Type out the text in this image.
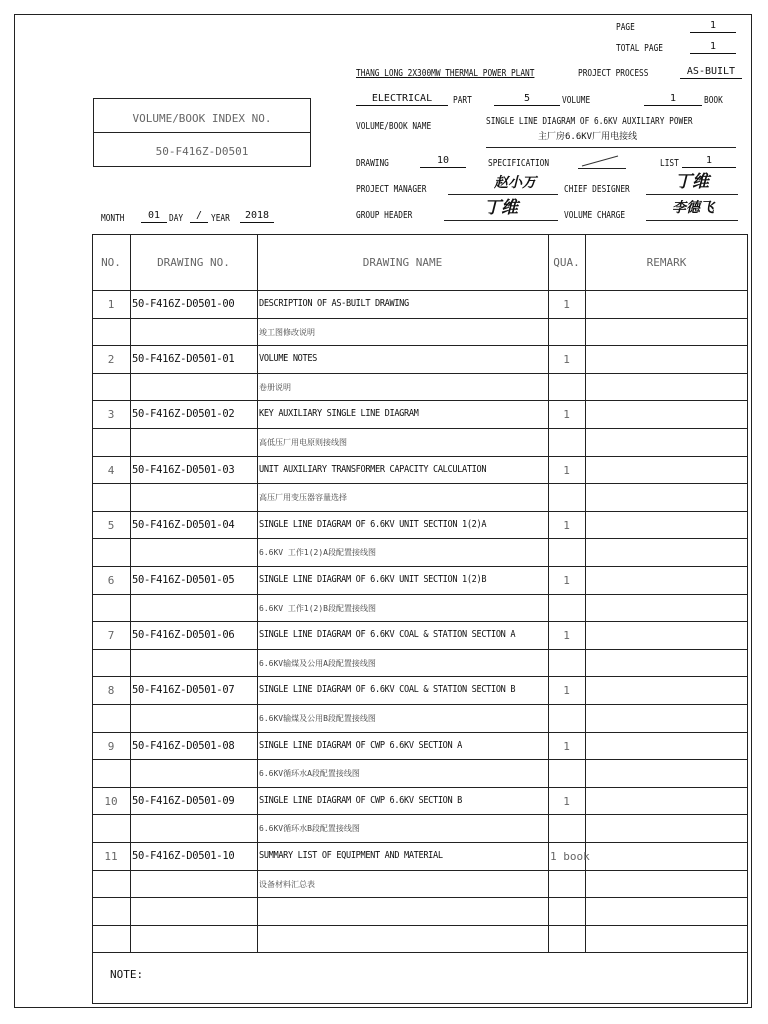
PAGE	1
TOTAL PAGE	1
THANG LONG 2X300MW THERMAL POWER PLANT	PROJECT PROCESS	AS-BUILT
ELECTRICAL	PART	5	VOLUME	1	BOOK
VOLUME/BOOK NAME	SINGLE LINE DIAGRAM OF 6.6KV AUXILIARY POWER
主厂房6.6KV厂用电接线
DRAWING	10	SPECIFICATION	LIST	1
PROJECT MANAGER	赵小万	CHIEF DESIGNER	丁维
GROUP HEADER	丁维	VOLUME CHARGE	李德飞
VOLUME/BOOK INDEX NO.
50-F416Z-D0501
MONTH	01 DAY	/ YEAR	2018
NO.	DRAWING NO.	DRAWING NAME	QUA.	REMARK
1	50-F416Z-D0501-00	DESCRIPTION OF AS-BUILT DRAWING	1
竣工图修改说明
2	50-F416Z-D0501-01	VOLUME NOTES	1
卷册说明
3	50-F416Z-D0501-02	KEY AUXILIARY SINGLE LINE DIAGRAM	1
高低压厂用电原则接线图
4	50-F416Z-D0501-03	UNIT AUXILIARY TRANSFORMER CAPACITY CALCULATION	1
高压厂用变压器容量选择
5	50-F416Z-D0501-04	SINGLE LINE DIAGRAM OF 6.6KV UNIT SECTION 1(2)A	1
6.6KV 工作1(2)A段配置接线图
6	50-F416Z-D0501-05	SINGLE LINE DIAGRAM OF 6.6KV UNIT SECTION 1(2)B	1
6.6KV 工作1(2)B段配置接线图
7	50-F416Z-D0501-06	SINGLE LINE DIAGRAM OF 6.6KV COAL & STATION SECTION A	1
6.6KV输煤及公用A段配置接线图
8	50-F416Z-D0501-07	SINGLE LINE DIAGRAM OF 6.6KV COAL & STATION SECTION B	1
6.6KV输煤及公用B段配置接线图
9	50-F416Z-D0501-08	SINGLE LINE DIAGRAM OF CWP 6.6KV SECTION A	1
6.6KV循环水A段配置接线图
10	50-F416Z-D0501-09	SINGLE LINE DIAGRAM OF CWP 6.6KV SECTION B	1
6.6KV循环水B段配置接线图
11	50-F416Z-D0501-10	SUMMARY LIST OF EQUIPMENT AND MATERIAL	1 book
设备材料汇总表
NOTE:
